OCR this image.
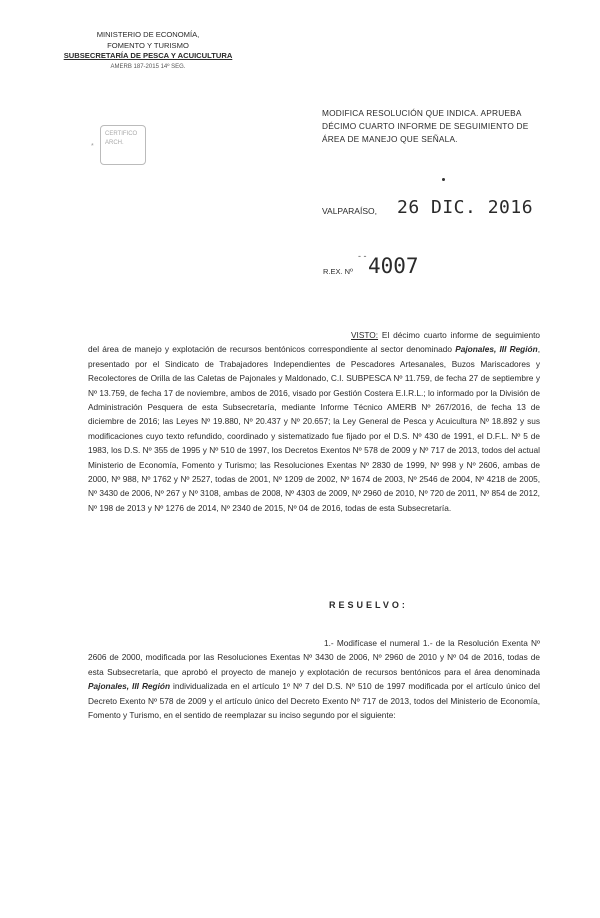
MINISTERIO DE ECONOMÍA,
FOMENTO Y TURISMO
SUBSECRETARÍA DE PESCA Y ACUICULTURA
AMERB 187-2015 14º SEG.
*
CERTIFICO
ARCH.
MODIFICA RESOLUCIÓN QUE INDICA. APRUEBA DÉCIMO CUARTO INFORME DE SEGUIMIENTO DE ÁREA DE MANEJO QUE SEÑALA.
VALPARAÍSO, 26 DIC. 2016
- -
R.EX. Nº 4007
VISTO: El décimo cuarto informe de seguimiento del área de manejo y explotación de recursos bentónicos correspondiente al sector denominado Pajonales, III Región, presentado por el Sindicato de Trabajadores Independientes de Pescadores Artesanales, Buzos Mariscadores y Recolectores de Orilla de las Caletas de Pajonales y Maldonado, C.I. SUBPESCA Nº 11.759, de fecha 27 de septiembre y Nº 13.759, de fecha 17 de noviembre, ambos de 2016, visado por Gestión Costera E.I.R.L.; lo informado por la División de Administración Pesquera de esta Subsecretaría, mediante Informe Técnico AMERB Nº 267/2016, de fecha 13 de diciembre de 2016; las Leyes Nº 19.880, Nº 20.437 y Nº 20.657; la Ley General de Pesca y Acuicultura Nº 18.892 y sus modificaciones cuyo texto refundido, coordinado y sistematizado fue fijado por el D.S. Nº 430 de 1991, el D.F.L. Nº 5 de 1983, los D.S. Nº 355 de 1995 y Nº 510 de 1997, los Decretos Exentos Nº 578 de 2009 y Nº 717 de 2013, todos del actual Ministerio de Economía, Fomento y Turismo; las Resoluciones Exentas Nº 2830 de 1999, Nº 998 y Nº 2606, ambas de 2000, Nº 988, Nº 1762 y Nº 2527, todas de 2001, Nº 1209 de 2002, Nº 1674 de 2003, Nº 2546 de 2004, Nº 4218 de 2005, Nº 3430 de 2006, Nº 267 y Nº 3108, ambas de 2008, Nº 4303 de 2009, Nº 2960 de 2010, Nº 720 de 2011, Nº 854 de 2012, Nº 198 de 2013 y Nº 1276 de 2014, Nº 2340 de 2015, Nº 04 de 2016, todas de esta Subsecretaría.
RESUELVO:
1.- Modifícase el numeral 1.- de la Resolución Exenta Nº 2606 de 2000, modificada por las Resoluciones Exentas Nº 3430 de 2006, Nº 2960 de 2010 y Nº 04 de 2016, todas de esta Subsecretaría, que aprobó el proyecto de manejo y explotación de recursos bentónicos para el área denominada Pajonales, III Región individualizada en el artículo 1º Nº 7 del D.S. Nº 510 de 1997 modificada por el artículo único del Decreto Exento Nº 578 de 2009 y el artículo único del Decreto Exento Nº 717 de 2013, todos del Ministerio de Economía, Fomento y Turismo, en el sentido de reemplazar su inciso segundo por el siguiente:
